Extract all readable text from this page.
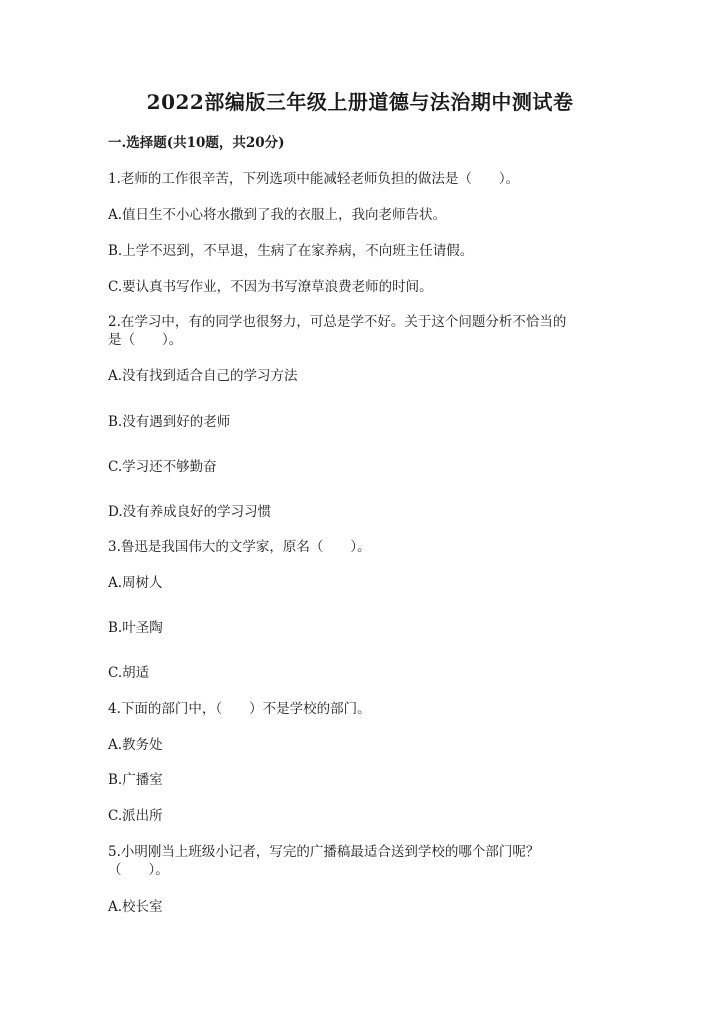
2022部编版三年级上册道德与法治期中测试卷
一.选择题(共10题，共20分)
1.老师的工作很辛苦，下列选项中能减轻老师负担的做法是（　　）。
A.值日生不小心将水撒到了我的衣服上，我向老师告状。
B.上学不迟到，不早退，生病了在家养病，不向班主任请假。
C.要认真书写作业，不因为书写潦草浪费老师的时间。
2.在学习中，有的同学也很努力，可总是学不好。关于这个问题分析不恰当的
是（　　）。
A.没有找到适合自己的学习方法
B.没有遇到好的老师
C.学习还不够勤奋
D.没有养成良好的学习习惯
3.鲁迅是我国伟大的文学家，原名（　　）。
A.周树人
B.叶圣陶
C.胡适
4.下面的部门中，（　　）不是学校的部门。
A.教务处
B.广播室
C.派出所
5.小明刚当上班级小记者，写完的广播稿最适合送到学校的哪个部门呢？
（　　）。
A.校长室
